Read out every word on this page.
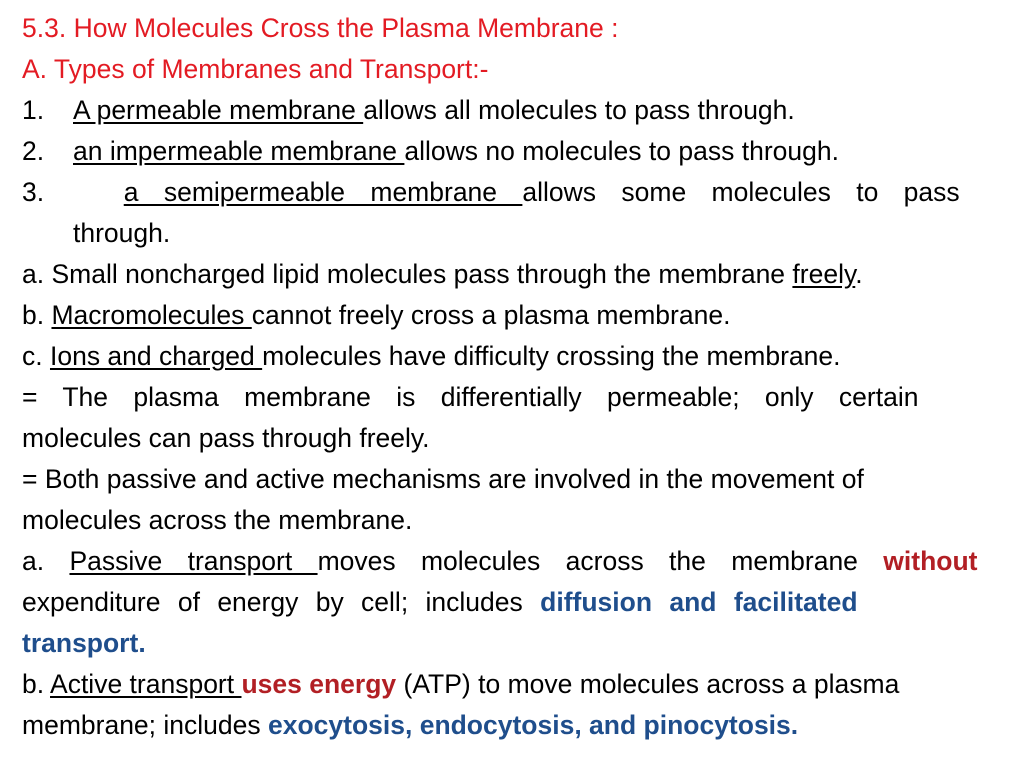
5.3. How Molecules Cross the Plasma Membrane :
A. Types of Membranes and Transport:-
1. A permeable membrane allows all molecules to pass through.
2. an impermeable membrane allows no molecules to pass through.
3.	a semipermeable membrane allows some molecules to pass
through.
a. Small noncharged lipid molecules pass through the membrane freely.
b. Macromolecules cannot freely cross a plasma membrane.
c. Ions and charged molecules have difficulty crossing the membrane.
= The plasma membrane is differentially permeable; only certain
molecules can pass through freely.
= Both passive and active mechanisms are involved in the movement of
molecules across the membrane.
a. Passive transport moves molecules across the membrane without
expenditure of energy by cell; includes diffusion and facilitated
transport.
b. Active transport uses energy (ATP) to move molecules across a plasma
membrane; includes exocytosis, endocytosis, and pinocytosis.
